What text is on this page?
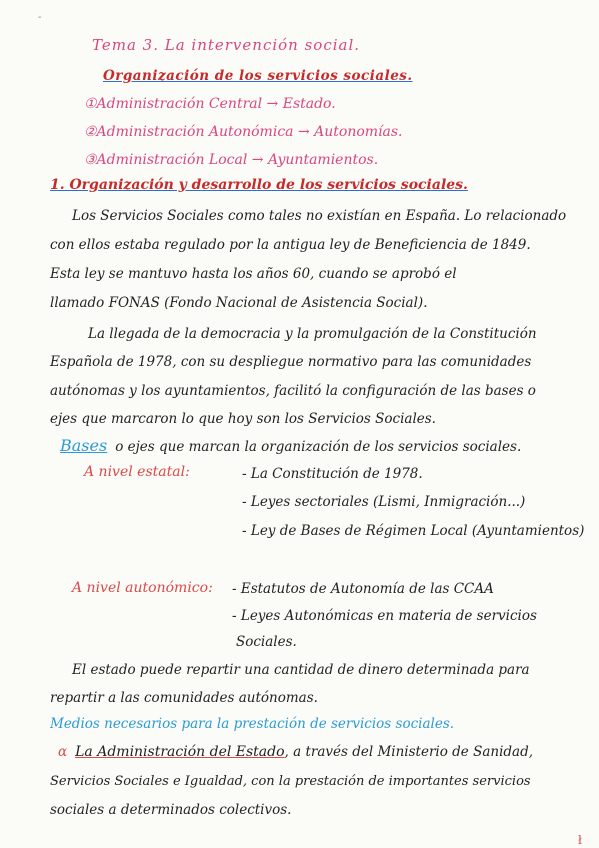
-
Tema 3. La intervención social.
Organización de los servicios sociales.
①Administración Central → Estado.
②Administración Autonómica → Autonomías.
③Administración Local → Ayuntamientos.
1. Organización y desarrollo de los servicios sociales.
Los Servicios Sociales como tales no existían en España. Lo relacionado
con ellos estaba regulado por la antigua ley de Beneficiencia de 1849.
Esta ley se mantuvo hasta los años 60, cuando se aprobó el
llamado FONAS (Fondo Nacional de Asistencia Social).
La llegada de la democracia y la promulgación de la Constitución
Española de 1978, con su despliegue normativo para las comunidades
autónomas y los ayuntamientos, facilitó la configuración de las bases o
ejes que marcaron lo que hoy son los Servicios Sociales.
Bases o ejes que marcan la organización de los servicios sociales.
A nivel estatal:	- La Constitución de 1978.
- Leyes sectoriales (Lismi, Inmigración...)
- Ley de Bases de Régimen Local (Ayuntamientos)
A nivel autonómico: - Estatutos de Autonomía de las CCAA
- Leyes Autonómicas en materia de servicios
Sociales.
El estado puede repartir una cantidad de dinero determinada para
repartir a las comunidades autónomas.
Medios necesarios para la prestación de servicios sociales.
α La Administración del Estado, a través del Ministerio de Sanidad,
Servicios Sociales e Igualdad, con la prestación de importantes servicios
sociales a determinados colectivos.
ł
